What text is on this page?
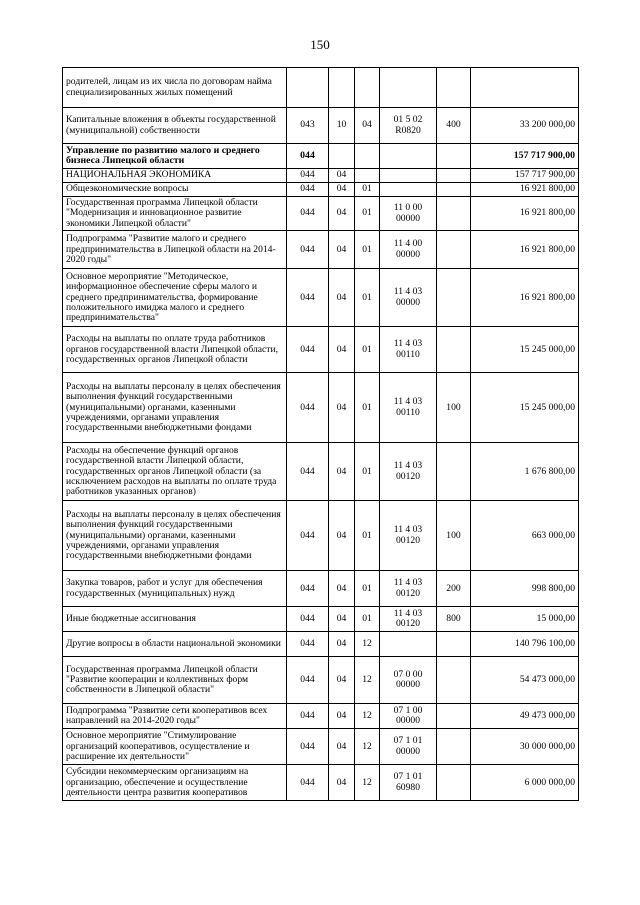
150
родителей, лицам из их числа по договорам найма специализированных жилых помещений						
Капитальные вложения в объекты государственной (муниципальной) собственности	043	10	04	01 5 02 R0820	400	33 200 000,00
Управление по развитию малого и среднего бизнеса Липецкой области	044					157 717 900,00
НАЦИОНАЛЬНАЯ ЭКОНОМИКА	044	04				157 717 900,00
Общеэкономические вопросы	044	04	01			16 921 800,00
Государственная программа Липецкой области "Модернизация и инновационное развитие экономики Липецкой области"	044	04	01	11 0 00 00000		16 921 800,00
Подпрограмма "Развитие малого и среднего предпринимательства в Липецкой области на 2014-2020 годы"	044	04	01	11 4 00 00000		16 921 800,00
Основное мероприятие "Методическое, информационное обеспечение сферы малого и среднего предпринимательства, формирование положительного имиджа малого и среднего предпринимательства"	044	04	01	11 4 03 00000		16 921 800,00
Расходы на выплаты по оплате труда работников органов государственной власти Липецкой области, государственных органов Липецкой области	044	04	01	11 4 03 00110		15 245 000,00
Расходы на выплаты персоналу в целях обеспечения выполнения функций государственными (муниципальными) органами, казенными учреждениями, органами управления государственными внебюджетными фондами	044	04	01	11 4 03 00110	100	15 245 000,00
Расходы на обеспечение функций органов государственной власти Липецкой области, государственных органов Липецкой области (за исключением расходов на выплаты по оплате труда работников указанных органов)	044	04	01	11 4 03 00120		1 676 800,00
Расходы на выплаты персоналу в целях обеспечения выполнения функций государственными (муниципальными) органами, казенными учреждениями, органами управления государственными внебюджетными фондами	044	04	01	11 4 03 00120	100	663 000,00
Закупка товаров, работ и услуг для обеспечения государственных (муниципальных) нужд	044	04	01	11 4 03 00120	200	998 800,00
Иные бюджетные ассигнования	044	04	01	11 4 03 00120	800	15 000,00
Другие вопросы в области национальной экономики	044	04	12			140 796 100,00
Государственная программа Липецкой области "Развитие кооперации и коллективных форм собственности в Липецкой области"	044	04	12	07 0 00 00000		54 473 000,00
Подпрограмма "Развитие сети кооперативов всех направлений на 2014-2020 годы"	044	04	12	07 1 00 00000		49 473 000,00
Основное мероприятие "Стимулирование организаций кооперативов, осуществление и расширение их деятельности"	044	04	12	07 1 01 00000		30 000 000,00
Субсидии некоммерческим организациям на организацию, обеспечение и осуществление деятельности центра развития кооперативов	044	04	12	07 1 01 60980		6 000 000,00
